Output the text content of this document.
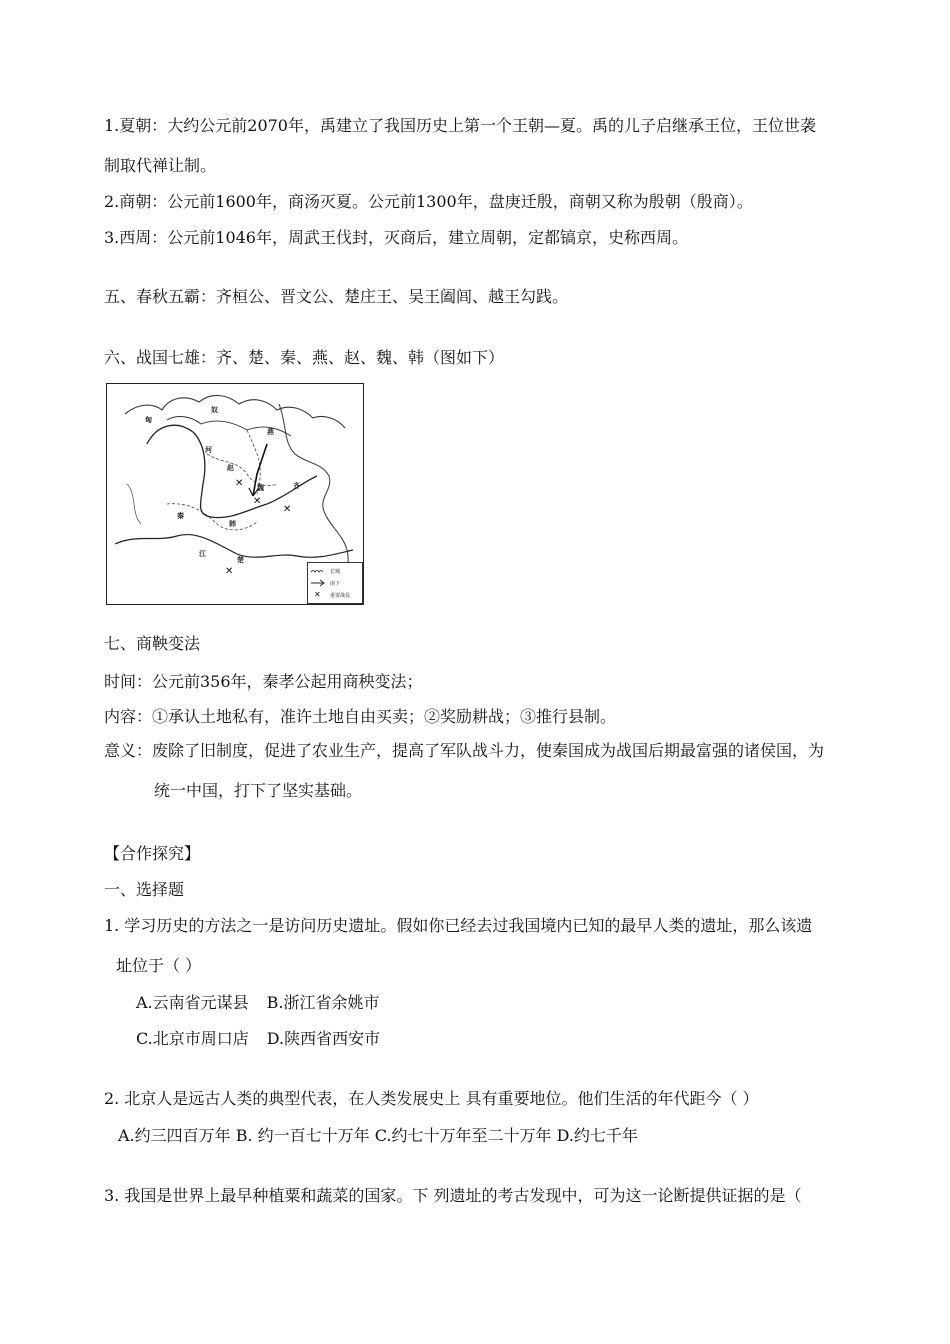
1.夏朝：大约公元前2070年，禹建立了我国历史上第一个王朝—夏。禹的儿子启继承王位，王位世袭
制取代禅让制。
2.商朝：公元前1600年，商汤灭夏。公元前1300年，盘庚迁殷，商朝又称为殷朝（殷商）。
3.西周：公元前1046年，周武王伐封，灭商后，建立周朝，定都镐京，史称西周。
五、春秋五霸：齐桓公、晋文公、楚庄王、吴王阖闾、越王勾践。
六、战国七雄：齐、楚、秦、燕、赵、魏、韩（图如下）
✕
✕
✕
✕
匈
奴
燕
赵
齐
秦
韩
魏
楚
河
江
✕
长城
南下
重要战役
七、商鞅变法
时间：公元前356年，秦孝公起用商秧变法；
内容：①承认土地私有，准许土地自由买卖；②奖励耕战；③推行县制。
意义：废除了旧制度，促进了农业生产，提高了军队战斗力，使秦国成为战国后期最富强的诸侯国，为
统一中国，打下了坚实基础。
【合作探究】
一、选择题
1. 学习历史的方法之一是访问历史遗址。假如你已经去过我国境内已知的最早人类的遗址，那么该遗
址位于（ ）
A.云南省元谋县 B.浙江省余姚市
C.北京市周口店 D.陕西省西安市
2. 北京人是远古人类的典型代表，在人类发展史上 具有重要地位。他们生活的年代距今（ ）
A.约三四百万年 B. 约一百七十万年 C.约七十万年至二十万年 D.约七千年
3. 我国是世界上最早种植粟和蔬菜的国家。下 列遗址的考古发现中，可为这一论断提供证据的是（
